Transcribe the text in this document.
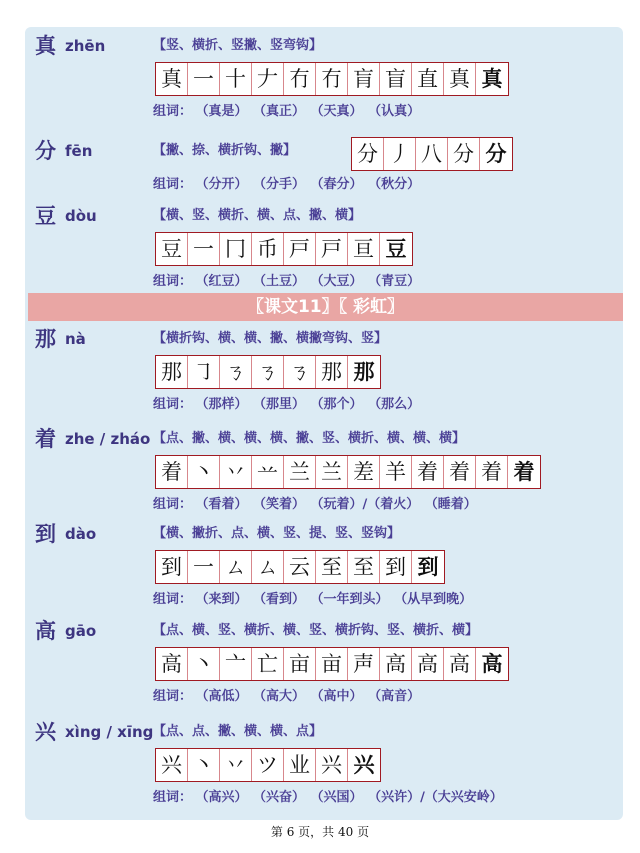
真 zhēn	【竖、横折、竖撇、竖弯钩】
真 一 十 𠂇 冇 冇 肓 盲 直 真 真
组词： （真是） （真正） （天真） （认真）
分 fēn	【撇、捺、横折钩、撇】	分 丿 八 分 分
组词： （分开） （分手） （春分） （秋分）
豆 dòu	【横、竖、横折、横、点、撇、横】
豆 一 冂 币 戸 戸 亘 豆
组词： （红豆） （土豆） （大豆） （青豆）
那 nà	【横折钩、横、横、撇、横撇弯钩、竖】
那 ㇆ ㄋ ㄋ ㄋ 那 那
组词： （那样） （那里） （那个） （那么）
着 zhe / zháo 【点、撇、横、横、横、撇、竖、横折、横、横、横】
着 丶 丷 䒑 兰 兰 差 羊 着 着 着 着
组词： （看着） （笑着） （玩着）/（着火） （睡着）
到 dào	【横、撇折、点、横、竖、提、竖、竖钩】
到 一 ㄙ ㄙ 云 至 至 到 到
组词： （来到） （看到） （一年到头） （从早到晚）
高 gāo	【点、横、竖、横折、横、竖、横折钩、竖、横折、横】
高 丶 亠 亡 亩 亩 声 高 高 高 高
组词： （高低） （高大） （高中） （高音）
兴 xìng / xīng 【点、点、撇、横、横、点】
兴 丶 丷 ツ 业 兴 兴
组词： （高兴） （兴奋） （兴国） （兴许）/（大兴安岭）
〖课文11〗〖 彩虹〗
第 6 页，共 40 页
